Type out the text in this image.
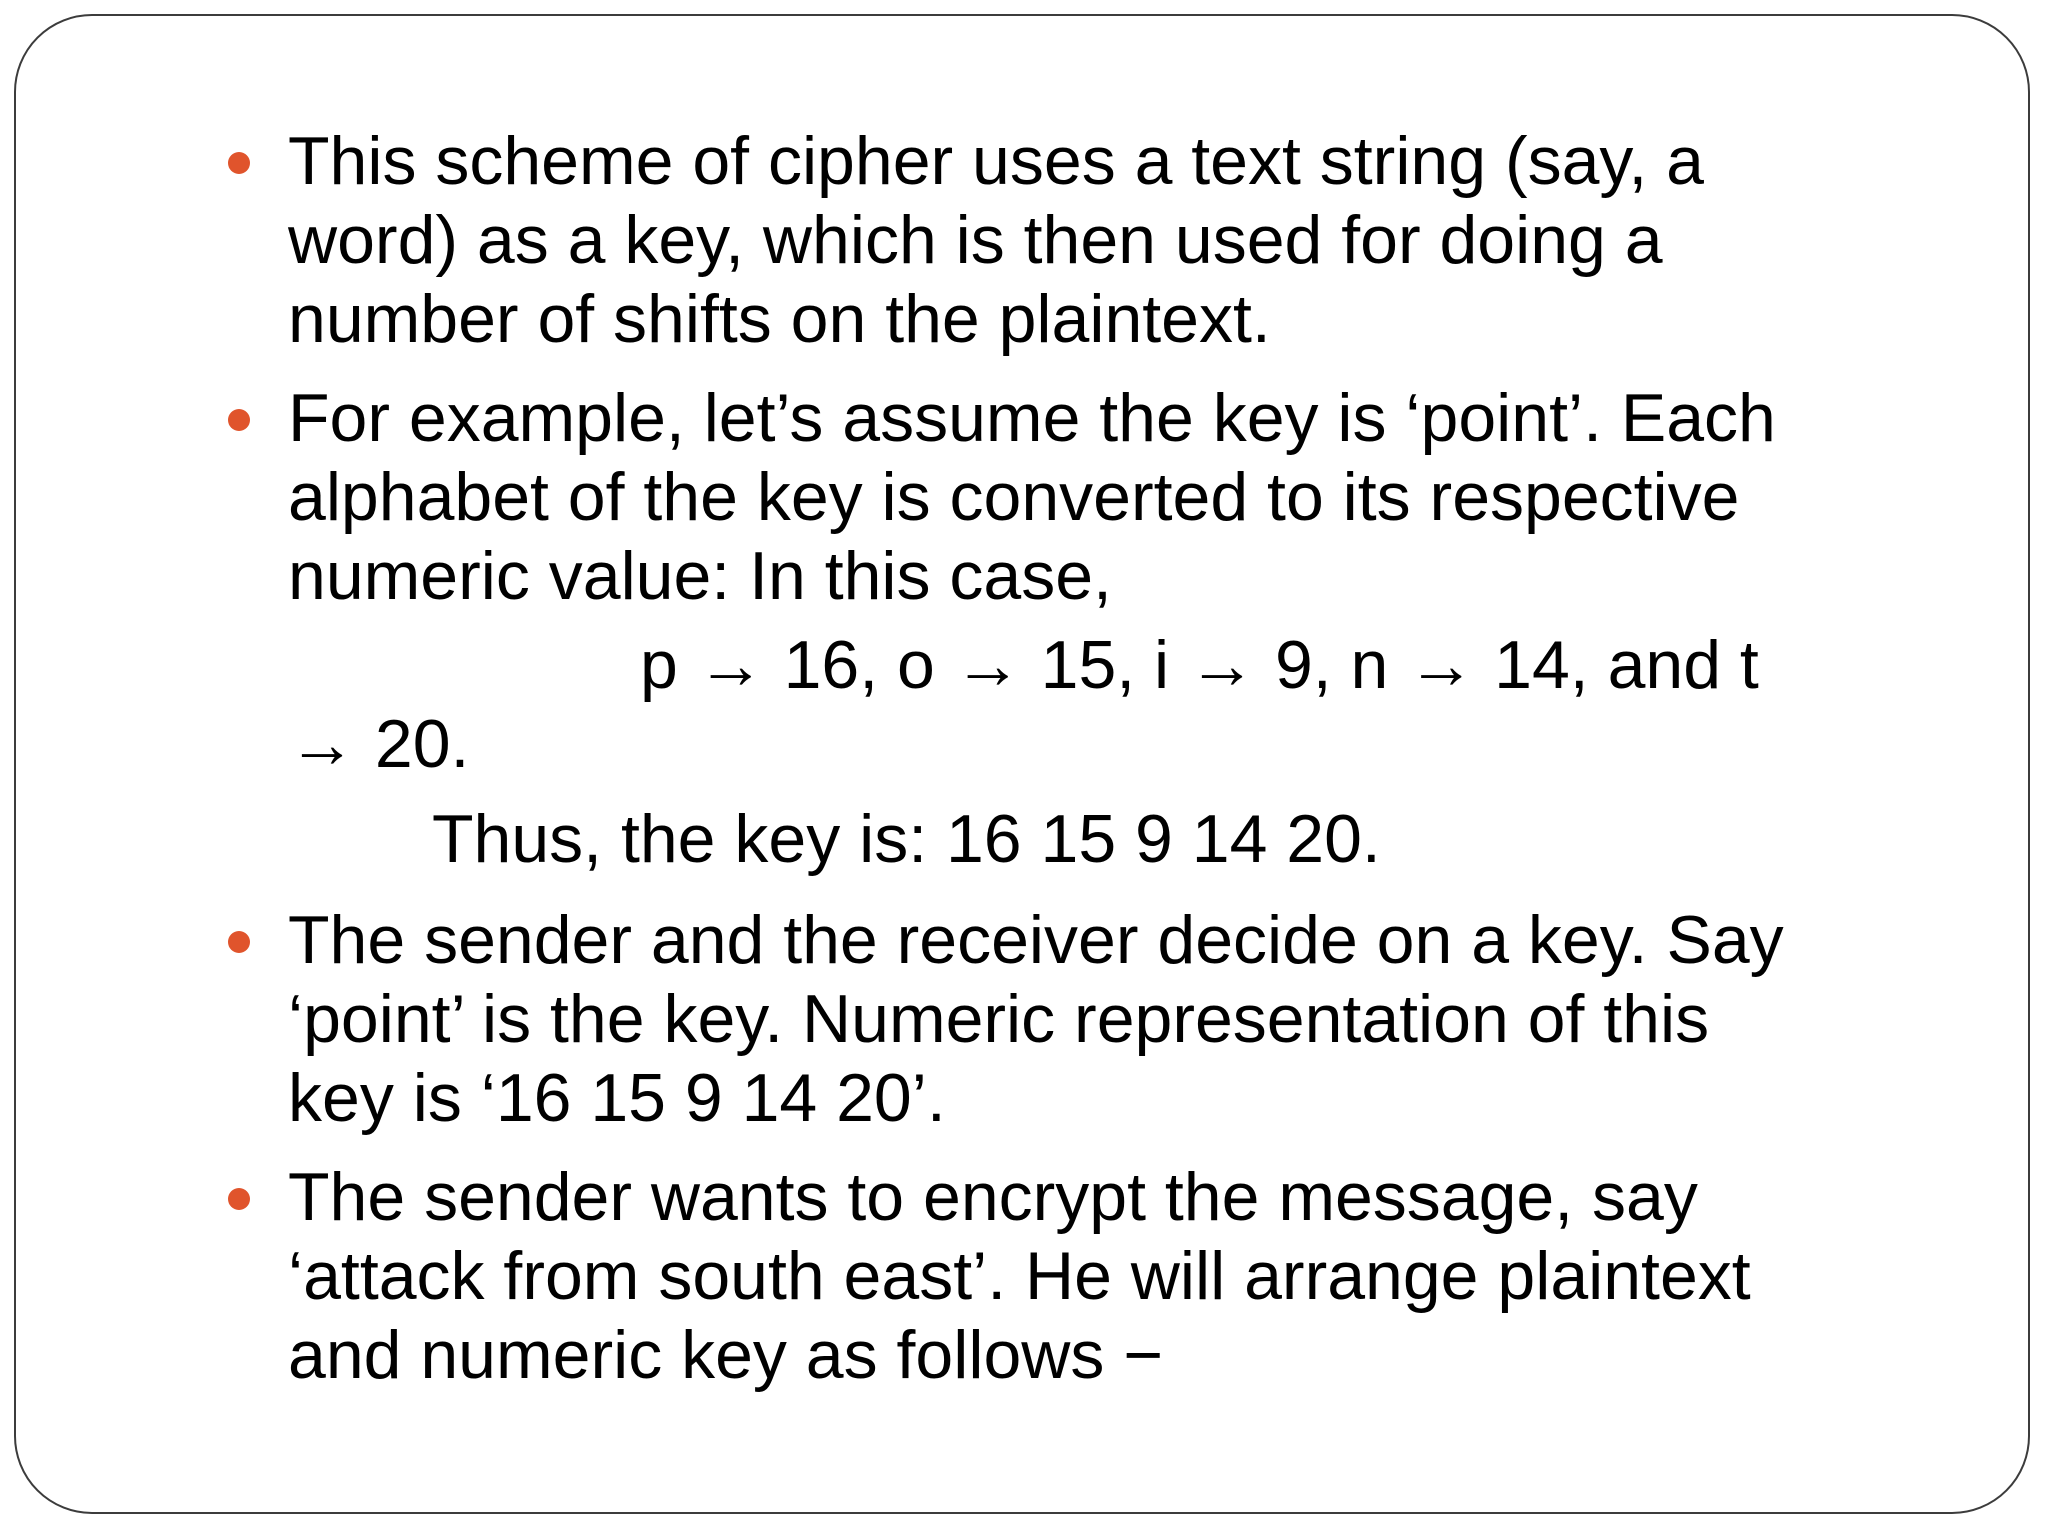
This scheme of cipher uses a text string (say, a
word) as a key, which is then used for doing a
number of shifts on the plaintext.
For example, let’s assume the key is ‘point’. Each
alphabet of the key is converted to its respective
numeric value: In this case,
p → 16, o → 15, i → 9, n → 14, and t
→ 20.
Thus, the key is: 16 15 9 14 20.
The sender and the receiver decide on a key. Say
‘point’ is the key. Numeric representation of this
key is ‘16 15 9 14 20’.
The sender wants to encrypt the message, say
‘attack from south east’. He will arrange plaintext
and numeric key as follows −
